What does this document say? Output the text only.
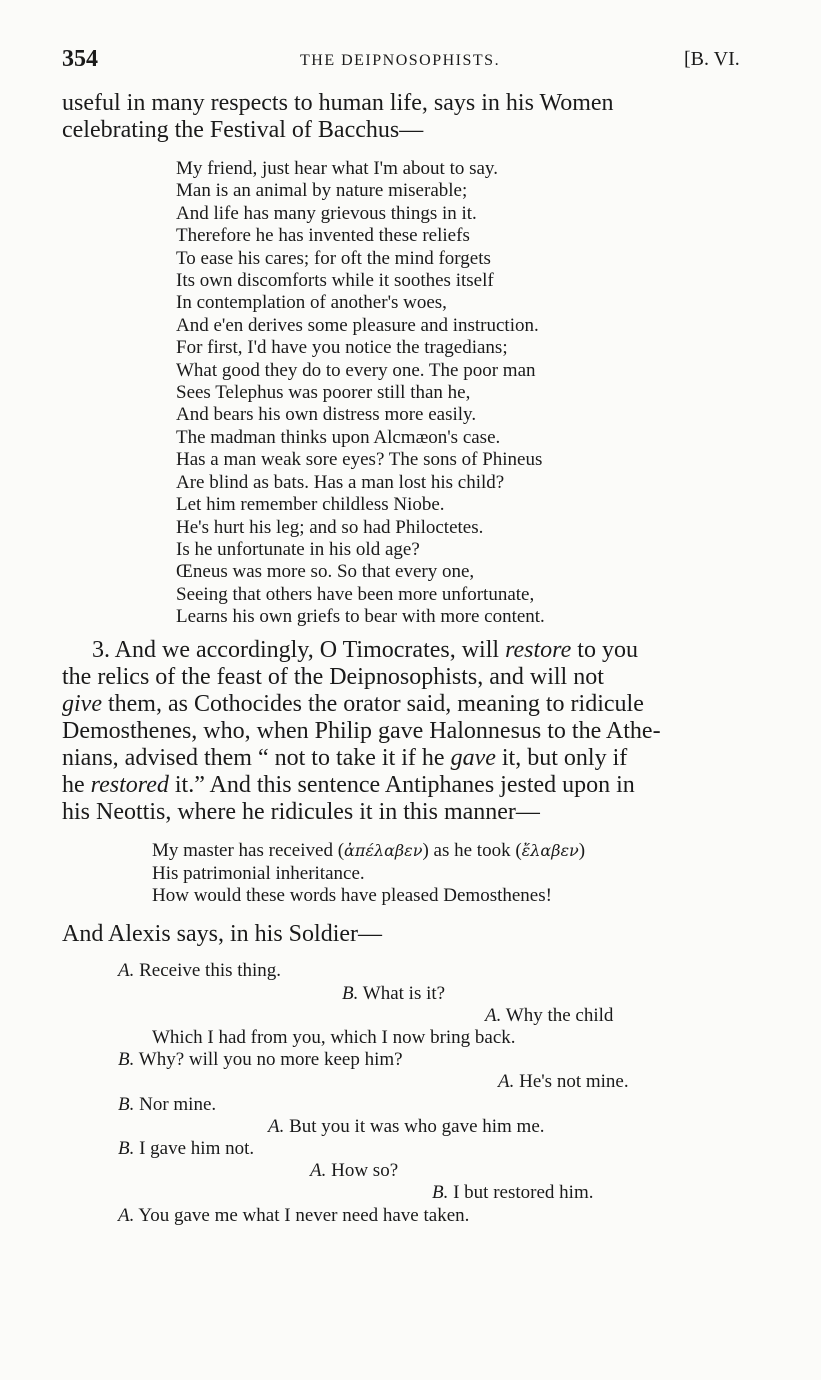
354	THE DEIPNOSOPHISTS.	[B. VI.
useful in many respects to human life, says in his Women
celebrating the Festival of Bacchus—
My friend, just hear what I'm about to say.
Man is an animal by nature miserable;
And life has many grievous things in it.
Therefore he has invented these reliefs
To ease his cares; for oft the mind forgets
Its own discomforts while it soothes itself
In contemplation of another's woes,
And e'en derives some pleasure and instruction.
For first, I'd have you notice the tragedians;
What good they do to every one. The poor man
Sees Telephus was poorer still than he,
And bears his own distress more easily.
The madman thinks upon Alcmæon's case.
Has a man weak sore eyes? The sons of Phineus
Are blind as bats. Has a man lost his child?
Let him remember childless Niobe.
He's hurt his leg; and so had Philoctetes.
Is he unfortunate in his old age?
Œneus was more so. So that every one,
Seeing that others have been more unfortunate,
Learns his own griefs to bear with more content.
3. And we accordingly, O Timocrates, will restore to you
the relics of the feast of the Deipnosophists, and will not
give them, as Cothocides the orator said, meaning to ridicule
Demosthenes, who, when Philip gave Halonnesus to the Athe-
nians, advised them “ not to take it if he gave it, but only if
he restored it.” And this sentence Antiphanes jested upon in
his Neottis, where he ridicules it in this manner—
My master has received (ἀπέλαβεν) as he took (ἔλαβεν)
His patrimonial inheritance.
How would these words have pleased Demosthenes!
And Alexis says, in his Soldier—
A. Receive this thing.
B. What is it?
A. Why the child
Which I had from you, which I now bring back.
B. Why? will you no more keep him?
A. He's not mine.
B. Nor mine.
A. But you it was who gave him me.
B. I gave him not.
A. How so?
B. I but restored him.
A. You gave me what I never need have taken.
